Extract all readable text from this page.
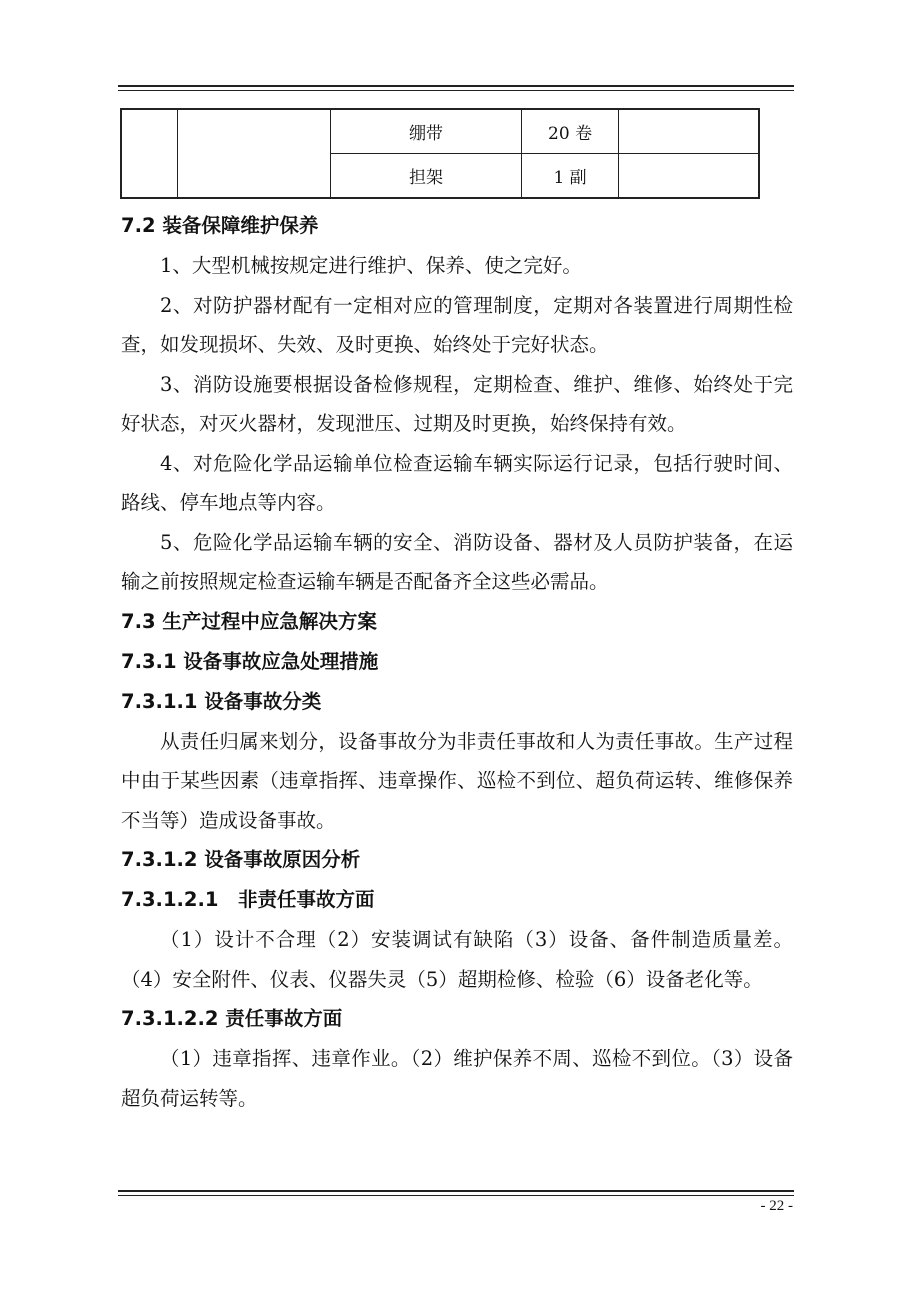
		绷带	20 卷	
		担架	1 副	

7.2 装备保障维护保养

1、大型机械按规定进行维护、保养、使之完好。

2、对防护器材配有一定相对应的管理制度，定期对各装置进行周期性检查，如发现损坏、失效、及时更换、始终处于完好状态。

3、消防设施要根据设备检修规程，定期检查、维护、维修、始终处于完好状态，对灭火器材，发现泄压、过期及时更换，始终保持有效。

4、对危险化学品运输单位检查运输车辆实际运行记录，包括行驶时间、路线、停车地点等内容。

5、危险化学品运输车辆的安全、消防设备、器材及人员防护装备，在运输之前按照规定检查运输车辆是否配备齐全这些必需品。

7.3 生产过程中应急解决方案

7.3.1 设备事故应急处理措施

7.3.1.1 设备事故分类

从责任归属来划分，设备事故分为非责任事故和人为责任事故。生产过程中由于某些因素（违章指挥、违章操作、巡检不到位、超负荷运转、维修保养不当等）造成设备事故。

7.3.1.2 设备事故原因分析

7.3.1.2.1　非责任事故方面

（1）设计不合理（2）安装调试有缺陷（3）设备、备件制造质量差。（4）安全附件、仪表、仪器失灵（5）超期检修、检验（6）设备老化等。

7.3.1.2.2 责任事故方面

（1）违章指挥、违章作业。（2）维护保养不周、巡检不到位。（3）设备超负荷运转等。

- 22 -
